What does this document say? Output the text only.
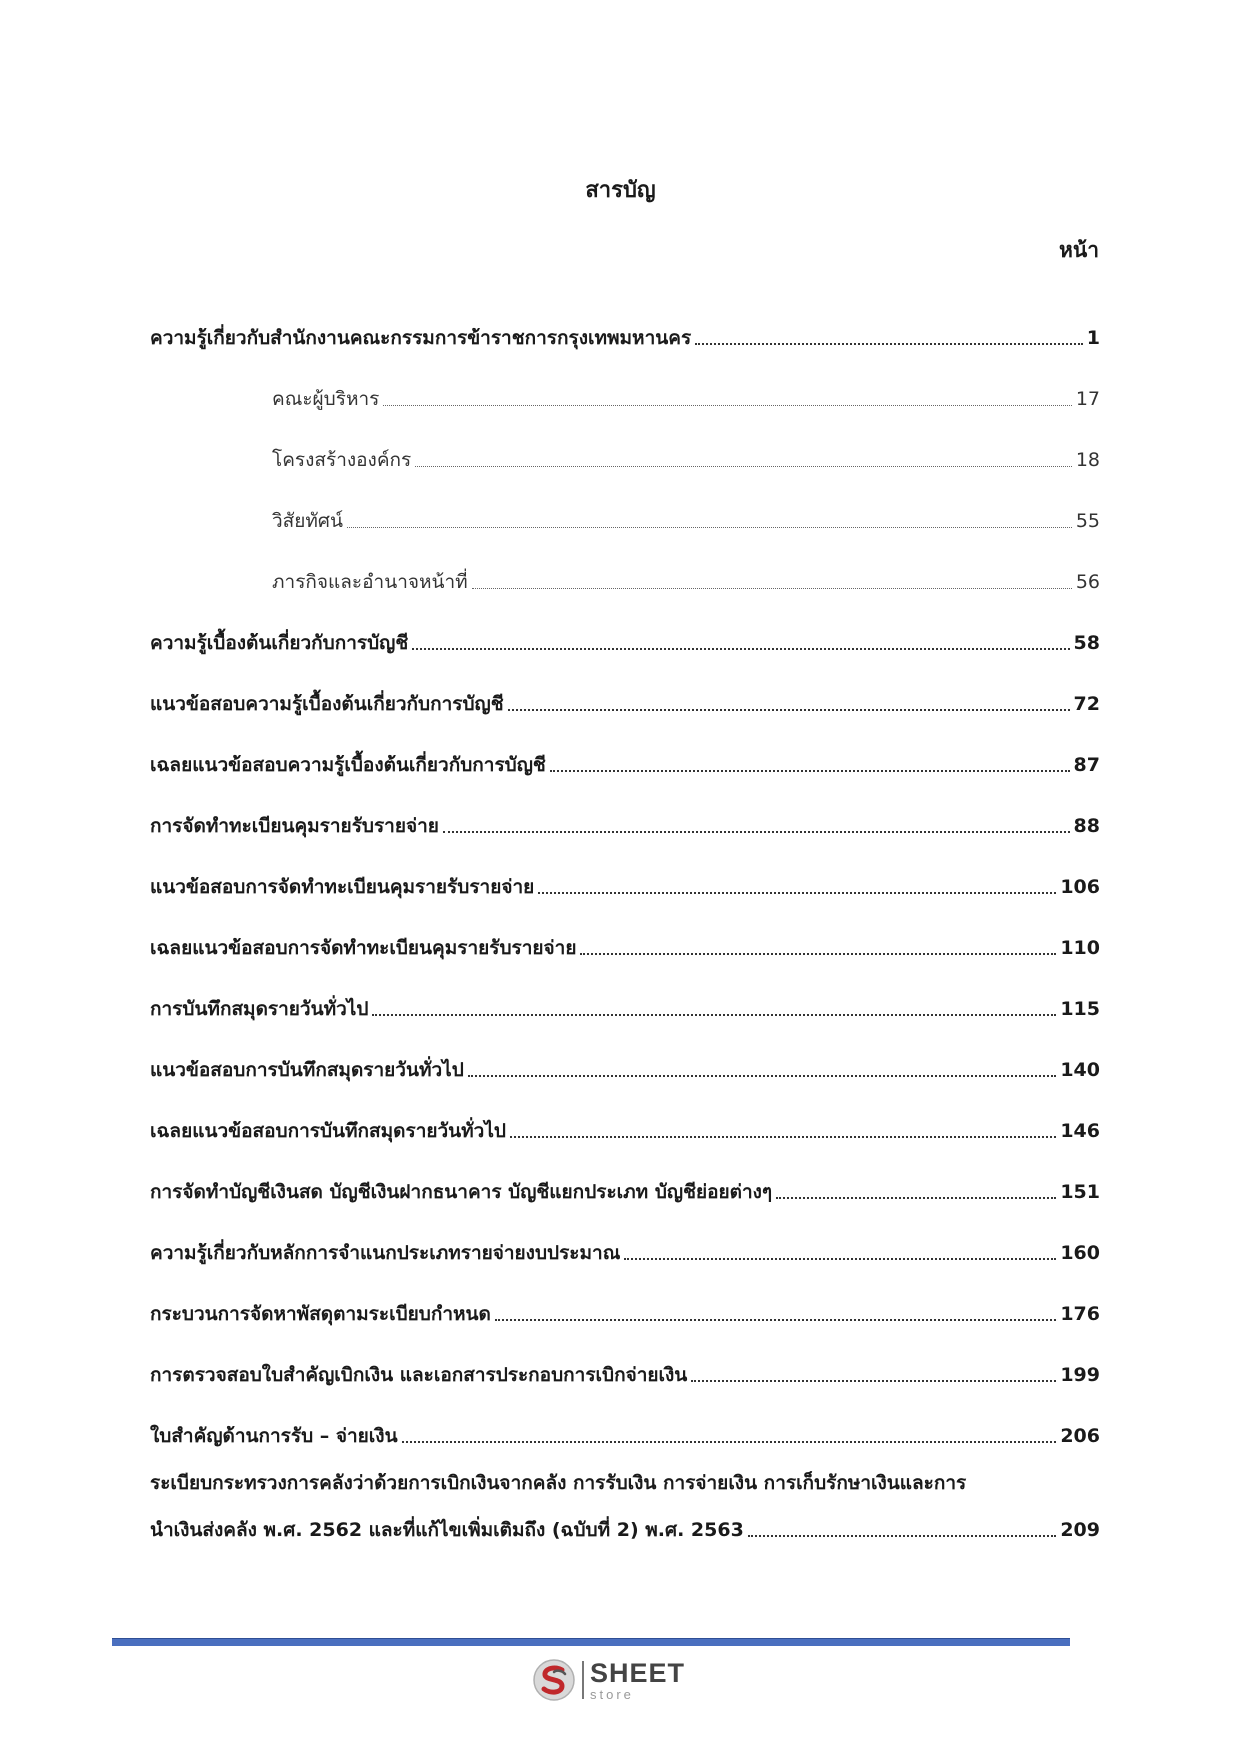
สารบัญ
หน้า
ความรู้เกี่ยวกับสำนักงานคณะกรรมการข้าราชการกรุงเทพมหานคร	1
คณะผู้บริหาร	17
โครงสร้างองค์กร	18
วิสัยทัศน์	55
ภารกิจและอำนาจหน้าที่	56
ความรู้เบื้องต้นเกี่ยวกับการบัญชี	58
แนวข้อสอบความรู้เบื้องต้นเกี่ยวกับการบัญชี	72
เฉลยแนวข้อสอบความรู้เบื้องต้นเกี่ยวกับการบัญชี	87
การจัดทำทะเบียนคุมรายรับรายจ่าย	88
แนวข้อสอบการจัดทำทะเบียนคุมรายรับรายจ่าย	106
เฉลยแนวข้อสอบการจัดทำทะเบียนคุมรายรับรายจ่าย	110
การบันทึกสมุดรายวันทั่วไป	115
แนวข้อสอบการบันทึกสมุดรายวันทั่วไป	140
เฉลยแนวข้อสอบการบันทึกสมุดรายวันทั่วไป	146
การจัดทำบัญชีเงินสด บัญชีเงินฝากธนาคาร บัญชีแยกประเภท บัญชีย่อยต่างๆ	151
ความรู้เกี่ยวกับหลักการจำแนกประเภทรายจ่ายงบประมาณ	160
กระบวนการจัดหาพัสดุตามระเบียบกำหนด	176
การตรวจสอบใบสำคัญเบิกเงิน และเอกสารประกอบการเบิกจ่ายเงิน	199
ใบสำคัญด้านการรับ – จ่ายเงิน	206
ระเบียบกระทรวงการคลังว่าด้วยการเบิกเงินจากคลัง การรับเงิน การจ่ายเงิน การเก็บรักษาเงินและการ
นำเงินส่งคลัง พ.ศ. 2562 และที่แก้ไขเพิ่มเติมถึง (ฉบับที่ 2) พ.ศ. 2563	209
SHEET
store
